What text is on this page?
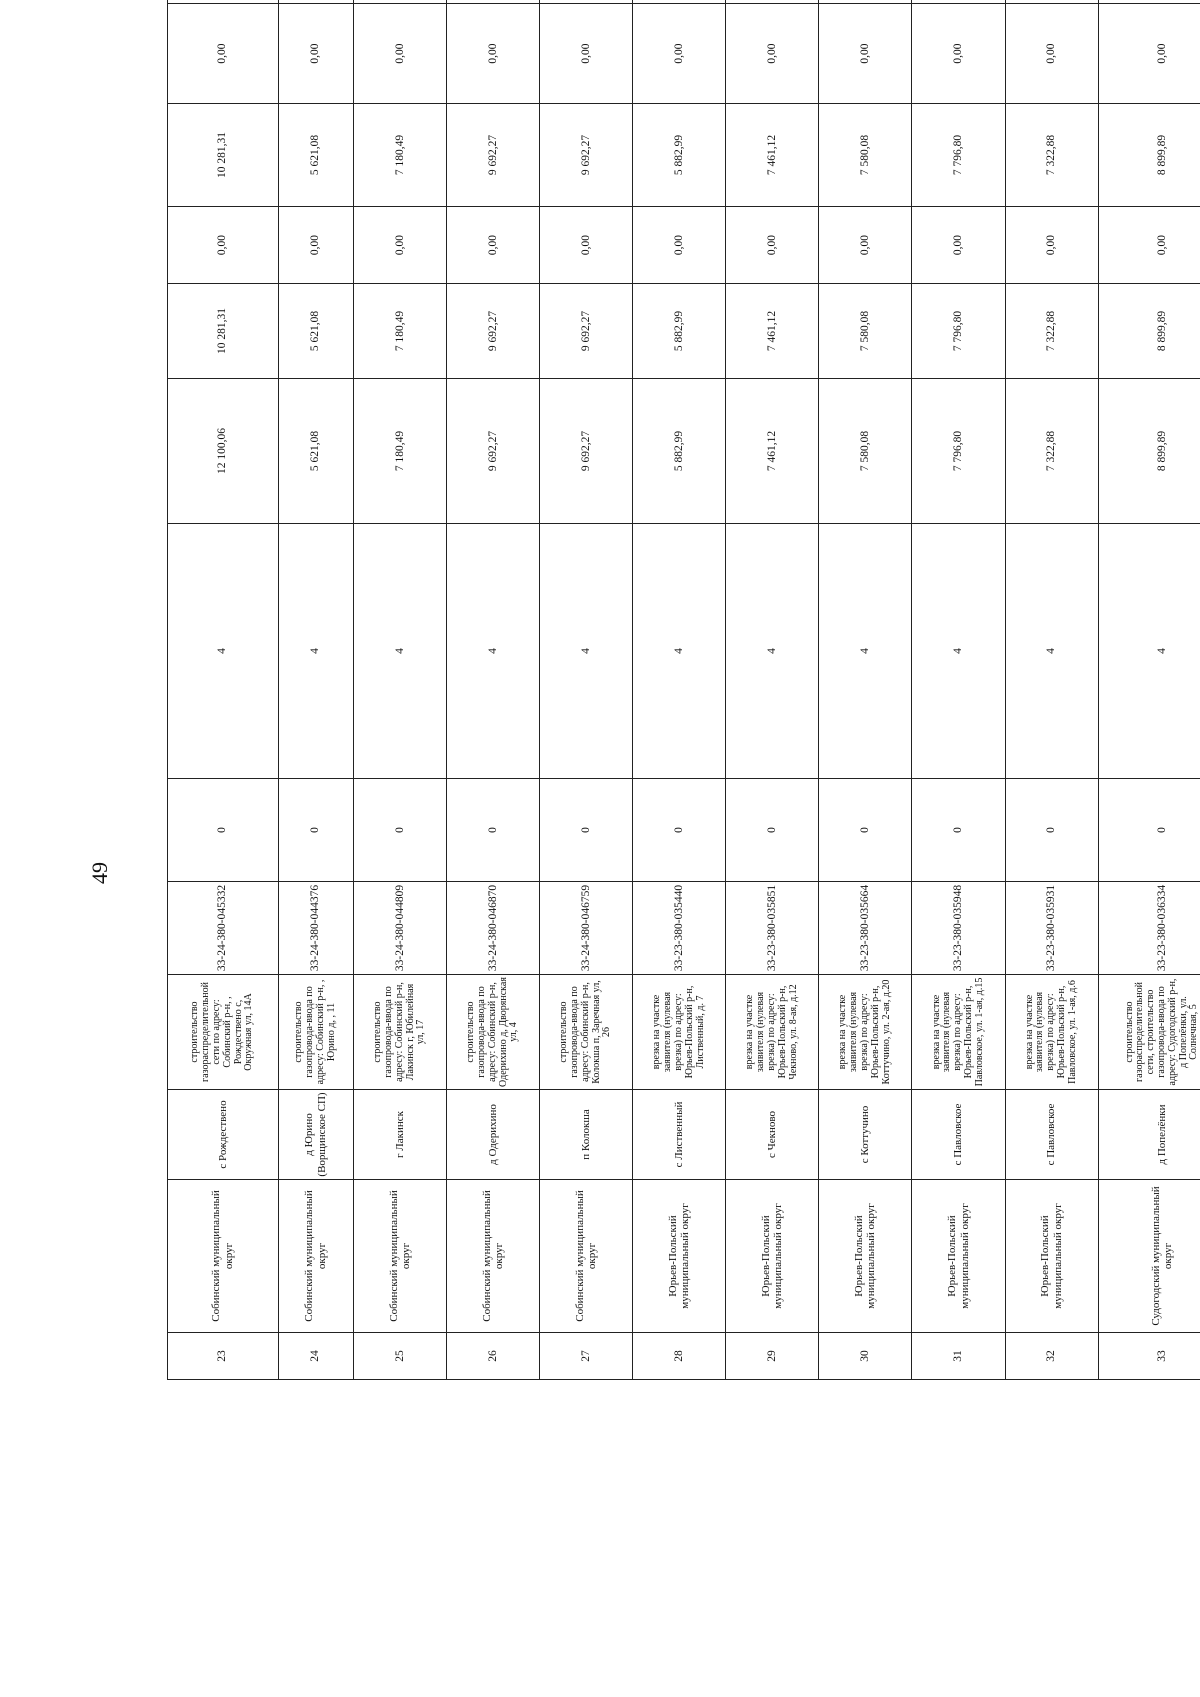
49
23	Собинский муниципальный округ	с Рождествено	строительство газораспределительной сети по адресу: Собинский р-н, , Рождествено с, Окружная ул, 14А	33-24-380-045332	0	4	12 100,06	10 281,31	0,00	10 281,31	0,00	
24	Собинский муниципальный округ	д Юрино (Ворщинское СП)	строительство газопровода-ввода по адресу: Собинский р-н, , Юрино д, , 11	33-24-380-044376	0	4	5 621,08	5 621,08	0,00	5 621,08	0,00	
25	Собинский муниципальный округ	г Лакинск	строительство газопровода-ввода по адресу: Собинский р-н, Лакинск г, Юбилейная ул, 17	33-24-380-044809	0	4	7 180,49	7 180,49	0,00	7 180,49	0,00	
26	Собинский муниципальный округ	д Одерихино	строительство газопровода-ввода по адресу: Собинский р-н, Одерихино д, Дворянская ул, 4	33-24-380-046870	0	4	9 692,27	9 692,27	0,00	9 692,27	0,00	
27	Собинский муниципальный округ	п Колокша	строительство газопровода-ввода по адресу: Собинский р-н, Колокша п, Заречная ул, 26	33-24-380-046759	0	4	9 692,27	9 692,27	0,00	9 692,27	0,00	
28	Юрьев-Польский муниципальный округ	с Лиственный	врезка на участке заявителя (нулевая врезка) по адресу: Юрьев-Польский р-н, Лиственный, д. 7	33-23-380-035440	0	4	5 882,99	5 882,99	0,00	5 882,99	0,00	
29	Юрьев-Польский муниципальный округ	с Чекново	врезка на участке заявителя (нулевая врезка) по адресу: Юрьев-Польский р-н, Чекново, ул. 8-ая, д.12	33-23-380-035851	0	4	7 461,12	7 461,12	0,00	7 461,12	0,00	
30	Юрьев-Польский муниципальный округ	с Коттучино	врезка на участке заявителя (нулевая врезка) по адресу: Юрьев-Польский р-н, Коттучино, ул. 2-ая, д.20	33-23-380-035664	0	4	7 580,08	7 580,08	0,00	7 580,08	0,00	
31	Юрьев-Польский муниципальный округ	с Павловское	врезка на участке заявителя (нулевая врезка) по адресу: Юрьев-Польский р-н, Павловское, ул. 1-ая, д.15	33-23-380-035948	0	4	7 796,80	7 796,80	0,00	7 796,80	0,00	
32	Юрьев-Польский муниципальный округ	с Павловское	врезка на участке заявителя (нулевая врезка) по адресу: Юрьев-Польский р-н, Павловское, ул. 1-ая, д.6	33-23-380-035931	0	4	7 322,88	7 322,88	0,00	7 322,88	0,00	
33	Судогодский муниципальный округ	д Попелёнки	строительство газораспределительной сети, строительство газопровода-ввода по адресу: Судогодский р-н, д Попелёнки, ул. Солнечная, 5	33-23-380-036334	0	4	8 899,89	8 899,89	0,00	8 899,89	0,00	
